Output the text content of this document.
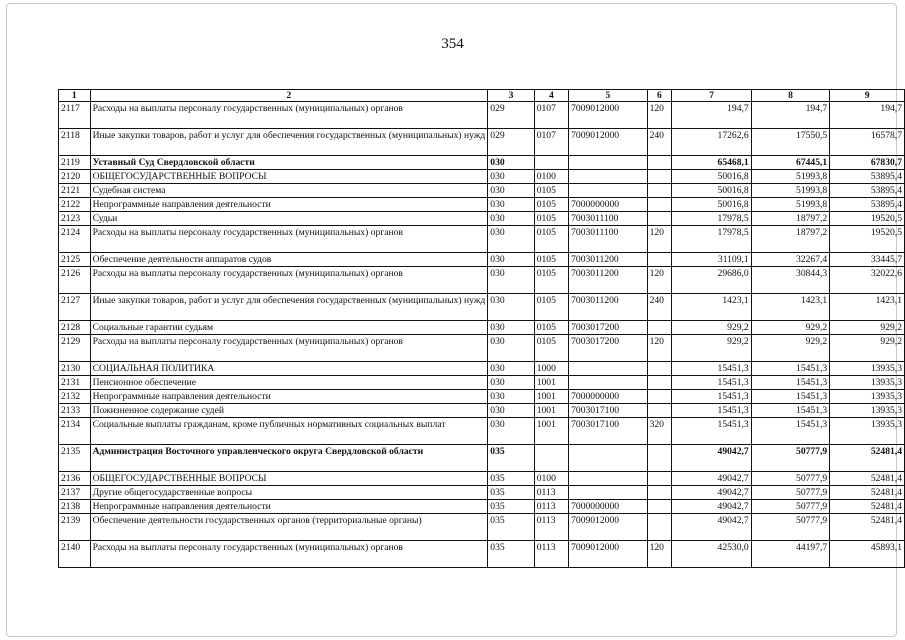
354
1	2	3	4	5	6	7	8	9
2117	Расходы на выплаты персоналу государственных (муниципальных) органов	029	0107	7009012000	120	194,7	194,7	194,7
2118	Иные закупки товаров, работ и услуг для обеспечения государственных (муниципальных) нужд	029	0107	7009012000	240	17262,6	17550,5	16578,7
2119	Уставный Суд Свердловской области	030				65468,1	67445,1	67830,7
2120	ОБЩЕГОСУДАРСТВЕННЫЕ ВОПРОСЫ	030	0100			50016,8	51993,8	53895,4
2121	Судебная система	030	0105			50016,8	51993,8	53895,4
2122	Непрограммные направления деятельности	030	0105	7000000000		50016,8	51993,8	53895,4
2123	Судьи	030	0105	7003011100		17978,5	18797,2	19520,5
2124	Расходы на выплаты персоналу государственных (муниципальных) органов	030	0105	7003011100	120	17978,5	18797,2	19520,5
2125	Обеспечение деятельности аппаратов судов	030	0105	7003011200		31109,1	32267,4	33445,7
2126	Расходы на выплаты персоналу государственных (муниципальных) органов	030	0105	7003011200	120	29686,0	30844,3	32022,6
2127	Иные закупки товаров, работ и услуг для обеспечения государственных (муниципальных) нужд	030	0105	7003011200	240	1423,1	1423,1	1423,1
2128	Социальные гарантии судьям	030	0105	7003017200		929,2	929,2	929,2
2129	Расходы на выплаты персоналу государственных (муниципальных) органов	030	0105	7003017200	120	929,2	929,2	929,2
2130	СОЦИАЛЬНАЯ ПОЛИТИКА	030	1000			15451,3	15451,3	13935,3
2131	Пенсионное обеспечение	030	1001			15451,3	15451,3	13935,3
2132	Непрограммные направления деятельности	030	1001	7000000000		15451,3	15451,3	13935,3
2133	Пожизненное содержание судей	030	1001	7003017100		15451,3	15451,3	13935,3
2134	Социальные выплаты гражданам, кроме публичных нормативных социальных выплат	030	1001	7003017100	320	15451,3	15451,3	13935,3
2135	Администрация Восточного управленческого округа Свердловской области	035				49042,7	50777,9	52481,4
2136	ОБЩЕГОСУДАРСТВЕННЫЕ ВОПРОСЫ	035	0100			49042,7	50777,9	52481,4
2137	Другие общегосударственные вопросы	035	0113			49042,7	50777,9	52481,4
2138	Непрограммные направления деятельности	035	0113	7000000000		49042,7	50777,9	52481,4
2139	Обеспечение деятельности государственных органов (территориальные органы)	035	0113	7009012000		49042,7	50777,9	52481,4
2140	Расходы на выплаты персоналу государственных (муниципальных) органов	035	0113	7009012000	120	42530,0	44197,7	45893,1
